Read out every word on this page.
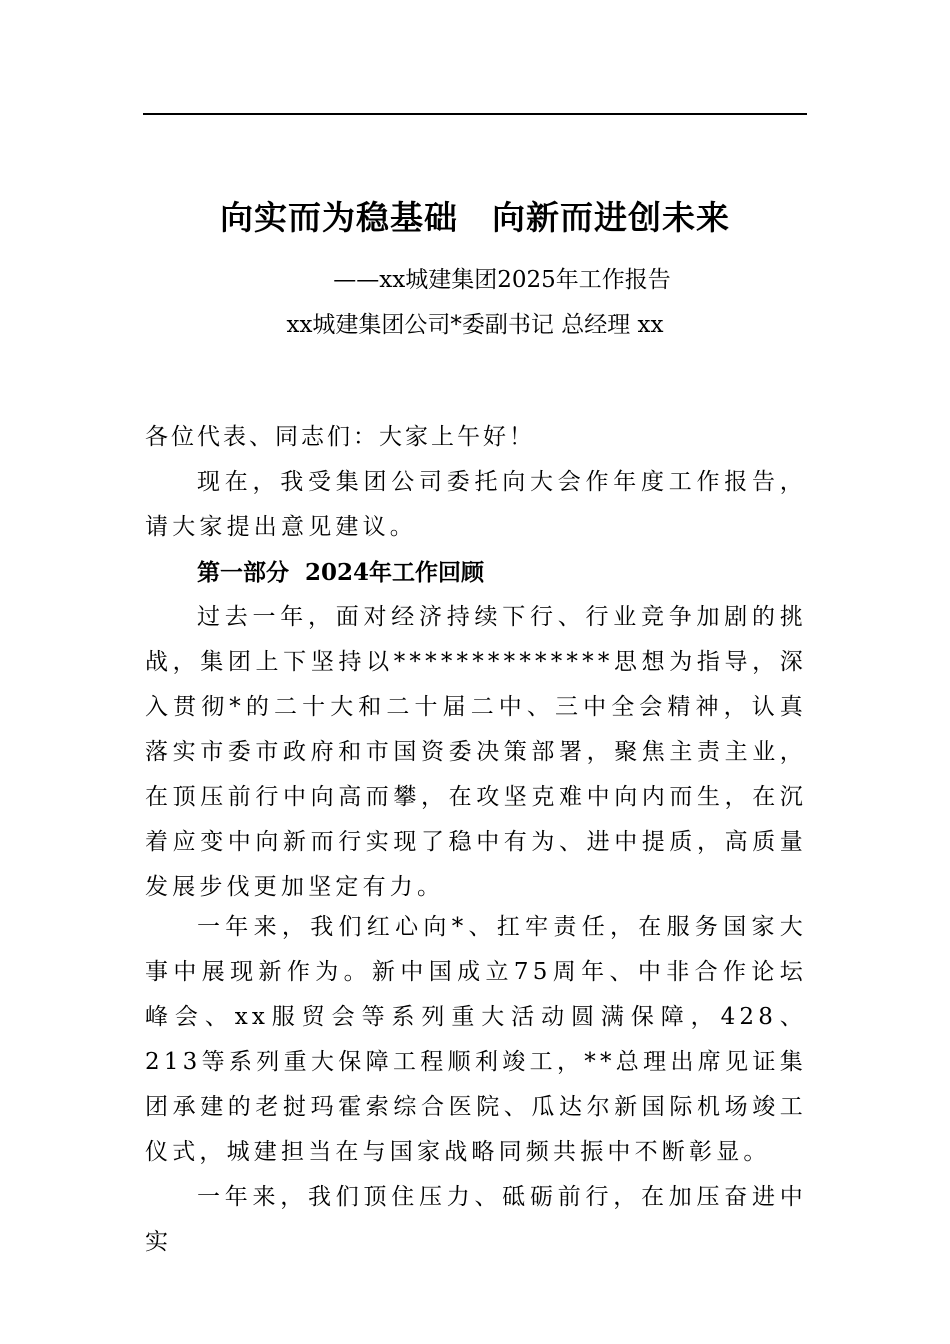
向实而为稳基础　向新而进创未来
——xx城建集团2025年工作报告
xx城建集团公司*委副书记 总经理 xx
各位代表、同志们：大家上午好！
现在，我受集团公司委托向大会作年度工作报告，请大家提出意见建议。
第一部分  2024年工作回顾
过去一年，面对经济持续下行、行业竞争加剧的挑战，集团上下坚持以**************思想为指导，深入贯彻*的二十大和二十届二中、三中全会精神，认真落实市委市政府和市国资委决策部署，聚焦主责主业，在顶压前行中向高而攀，在攻坚克难中向内而生，在沉着应变中向新而行实现了稳中有为、进中提质，高质量发展步伐更加坚定有力。
一年来，我们红心向*、扛牢责任，在服务国家大事中展现新作为。新中国成立75周年、中非合作论坛峰会、xx服贸会等系列重大活动圆满保障，428、213等系列重大保障工程顺利竣工，**总理出席见证集团承建的老挝玛霍索综合医院、瓜达尔新国际机场竣工仪式，城建担当在与国家战略同频共振中不断彰显。
一年来，我们顶住压力、砥砺前行，在加压奋进中实
